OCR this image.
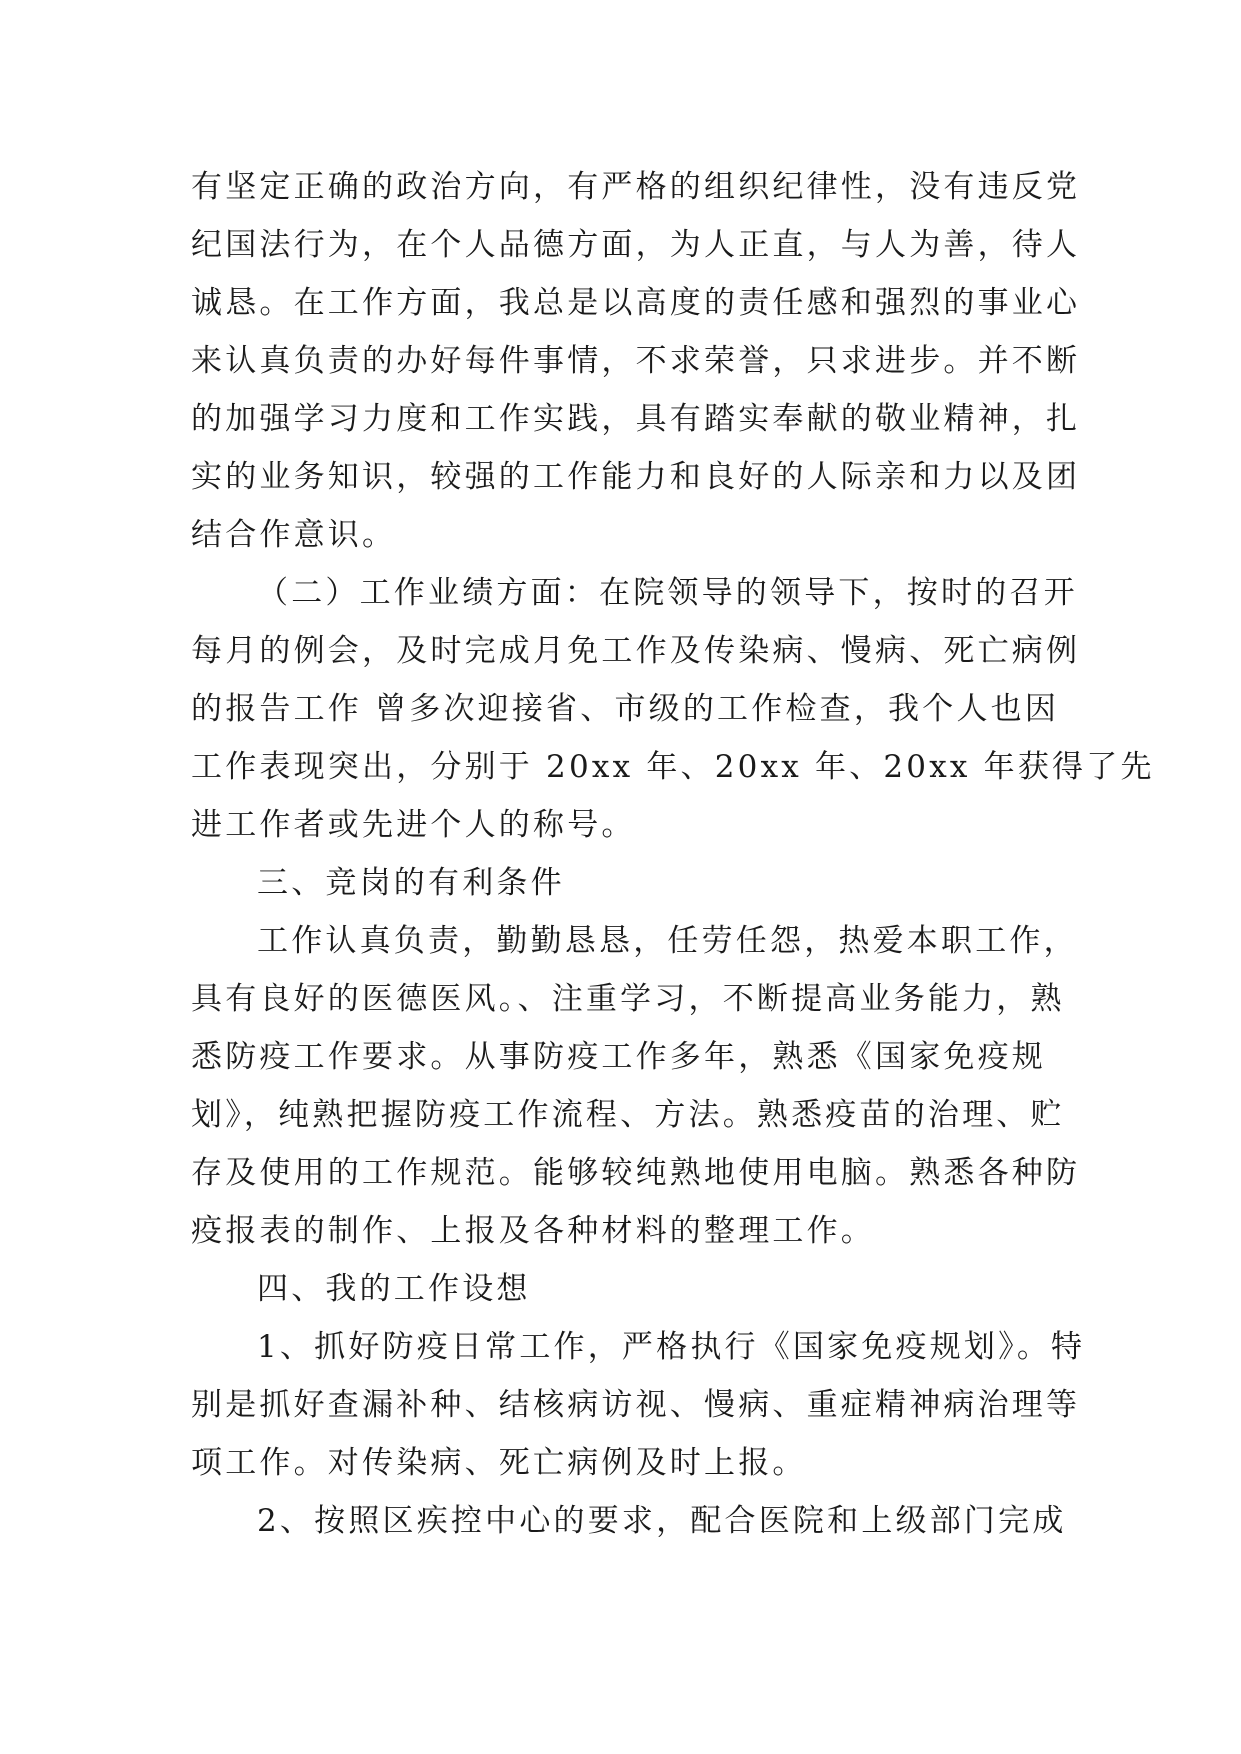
有坚定正确的政治方向，有严格的组织纪律性，没有违反党
纪国法行为，在个人品德方面，为人正直，与人为善，待人
诚恳。在工作方面，我总是以高度的责任感和强烈的事业心
来认真负责的办好每件事情，不求荣誉，只求进步。并不断
的加强学习力度和工作实践，具有踏实奉献的敬业精神，扎
实的业务知识，较强的工作能力和良好的人际亲和力以及团
结合作意识。
（二）工作业绩方面：在院领导的领导下，按时的召开
每月的例会，及时完成月免工作及传染病、慢病、死亡病例
的报告工作 曾多次迎接省、市级的工作检查，我个人也因
工作表现突出，分别于 20xx 年、20xx 年、20xx 年获得了先
进工作者或先进个人的称号。
三、竞岗的有利条件
工作认真负责，勤勤恳恳，任劳任怨，热爱本职工作，
具有良好的医德医风。、注重学习，不断提高业务能力，熟
悉防疫工作要求。从事防疫工作多年，熟悉《国家免疫规
划》，纯熟把握防疫工作流程、方法。熟悉疫苗的治理、贮
存及使用的工作规范。能够较纯熟地使用电脑。熟悉各种防
疫报表的制作、上报及各种材料的整理工作。
四、我的工作设想
1、抓好防疫日常工作，严格执行《国家免疫规划》。特
别是抓好查漏补种、结核病访视、慢病、重症精神病治理等
项工作。对传染病、死亡病例及时上报。
2、按照区疾控中心的要求，配合医院和上级部门完成
